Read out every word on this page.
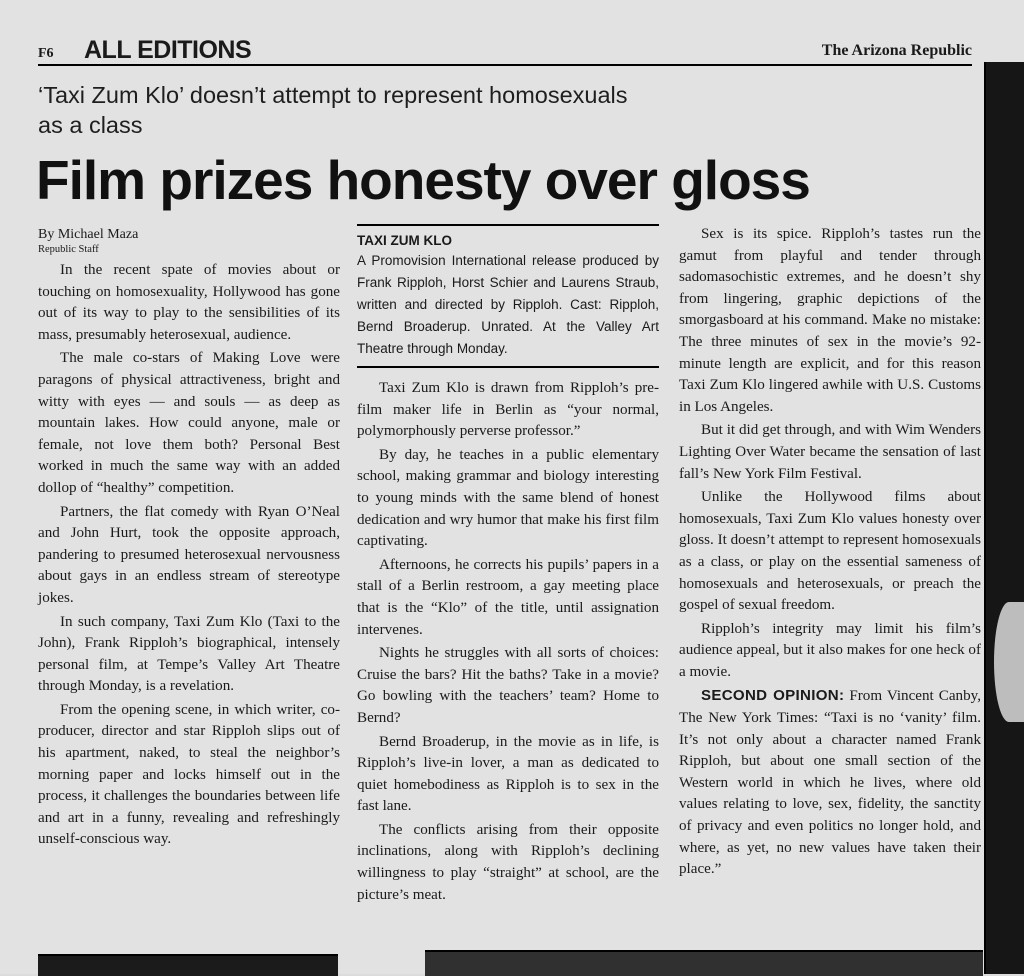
F6 ALL EDITIONS	The Arizona Republic
‘Taxi Zum Klo’ doesn’t attempt to represent homosexuals as a class
Film prizes honesty over gloss
By Michael Maza
Republic Staff

In the recent spate of movies about or touching on homosexuality, Hollywood has gone out of its way to play to the sensibilities of its mass, presumably heterosexual, audience.

The male co-stars of Making Love were paragons of physical attractiveness, bright and witty with eyes — and souls — as deep as mountain lakes. How could anyone, male or female, not love them both? Personal Best worked in much the same way with an added dollop of “healthy” competition.

Partners, the flat comedy with Ryan O’Neal and John Hurt, took the opposite approach, pandering to presumed heterosexual nervousness about gays in an endless stream of stereotype jokes.

In such company, Taxi Zum Klo (Taxi to the John), Frank Ripploh’s biographical, intensely personal film, at Tempe’s Valley Art Theatre through Monday, is a revelation.

From the opening scene, in which writer, co-producer, director and star Ripploh slips out of his apartment, naked, to steal the neighbor’s morning paper and locks himself out in the process, it challenges the boundaries between life and art in a funny, revealing and refreshingly unself-conscious way.

TAXI ZUM KLO
A Promovision International release produced by Frank Ripploh, Horst Schier and Laurens Straub, written and directed by Ripploh. Cast: Ripploh, Bernd Broaderup. Unrated. At the Valley Art Theatre through Monday.

Taxi Zum Klo is drawn from Ripploh’s pre-film maker life in Berlin as “your normal, polymorphously perverse professor.”

By day, he teaches in a public elementary school, making grammar and biology interesting to young minds with the same blend of honest dedication and wry humor that make his first film captivating.

Afternoons, he corrects his pupils’ papers in a stall of a Berlin restroom, a gay meeting place that is the “Klo” of the title, until assignation intervenes.

Nights he struggles with all sorts of choices: Cruise the bars? Hit the baths? Take in a movie? Go bowling with the teachers’ team? Home to Bernd?

Bernd Broaderup, in the movie as in life, is Ripploh’s live-in lover, a man as dedicated to quiet homebodiness as Ripploh is to sex in the fast lane.

The conflicts arising from their opposite inclinations, along with Ripploh’s declining willingness to play “straight” at school, are the picture’s meat.

Sex is its spice. Ripploh’s tastes run the gamut from playful and tender through sadomasochistic extremes, and he doesn’t shy from lingering, graphic depictions of the smorgasboard at his command. Make no mistake: The three minutes of sex in the movie’s 92-minute length are explicit, and for this reason Taxi Zum Klo lingered awhile with U.S. Customs in Los Angeles.

But it did get through, and with Wim Wenders Lighting Over Water became the sensation of last fall’s New York Film Festival.

Unlike the Hollywood films about homosexuals, Taxi Zum Klo values honesty over gloss. It doesn’t attempt to represent homosexuals as a class, or play on the essential sameness of homosexuals and heterosexuals, or preach the gospel of sexual freedom.

Ripploh’s integrity may limit his film’s audience appeal, but it also makes for one heck of a movie.

SECOND OPINION: From Vincent Canby, The New York Times: “Taxi is no ‘vanity’ film. It’s not only about a character named Frank Ripploh, but about one small section of the Western world in which he lives, where old values relating to love, sex, fidelity, the sanctity of privacy and even politics no longer hold, and where, as yet, no new values have taken their place.”
